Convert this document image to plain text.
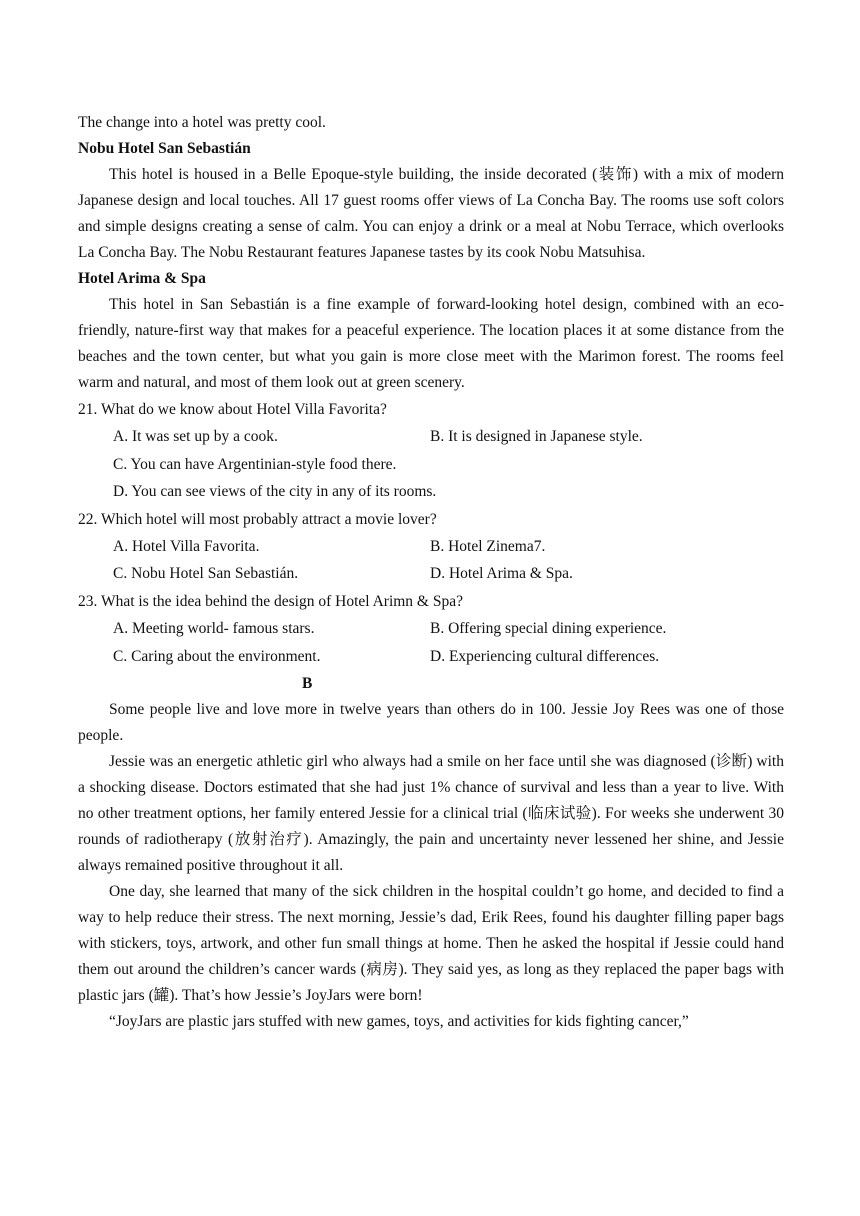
The change into a hotel was pretty cool.

Nobu Hotel San Sebastián

This hotel is housed in a Belle Epoque-style building, the inside decorated (装饰) with a mix of modern Japanese design and local touches. All 17 guest rooms offer views of La Concha Bay. The rooms use soft colors and simple designs creating a sense of calm. You can enjoy a drink or a meal at Nobu Terrace, which overlooks La Concha Bay. The Nobu Restaurant features Japanese tastes by its cook Nobu Matsuhisa.

Hotel Arima & Spa

This hotel in San Sebastián is a fine example of forward-looking hotel design, combined with an eco-friendly, nature-first way that makes for a peaceful experience. The location places it at some distance from the beaches and the town center, but what you gain is more close meet with the Marimon forest. The rooms feel warm and natural, and most of them look out at green scenery.

21. What do we know about Hotel Villa Favorita?

A. It was set up by a cook.	B. It is designed in Japanese style.

C. You can have Argentinian-style food there.

D. You can see views of the city in any of its rooms.

22. Which hotel will most probably attract a movie lover?

A. Hotel Villa Favorita.	B. Hotel Zinema7.
C. Nobu Hotel San Sebastián.	D. Hotel Arima & Spa.

23. What is the idea behind the design of Hotel Arimn & Spa?

A. Meeting world- famous stars.	B. Offering special dining experience.
C. Caring about the environment.	D. Experiencing cultural differences.

B

Some people live and love more in twelve years than others do in 100. Jessie Joy Rees was one of those people.

Jessie was an energetic athletic girl who always had a smile on her face until she was diagnosed (诊断) with a shocking disease. Doctors estimated that she had just 1% chance of survival and less than a year to live. With no other treatment options, her family entered Jessie for a clinical trial (临床试验). For weeks she underwent 30 rounds of radiotherapy (放射治疗). Amazingly, the pain and uncertainty never lessened her shine, and Jessie always remained positive throughout it all.

One day, she learned that many of the sick children in the hospital couldn’t go home, and decided to find a way to help reduce their stress. The next morning, Jessie’s dad, Erik Rees, found his daughter filling paper bags with stickers, toys, artwork, and other fun small things at home. Then he asked the hospital if Jessie could hand them out around the children’s cancer wards (病房). They said yes, as long as they replaced the paper bags with plastic jars (罐). That’s how Jessie’s JoyJars were born!

“JoyJars are plastic jars stuffed with new games, toys, and activities for kids fighting cancer,”
